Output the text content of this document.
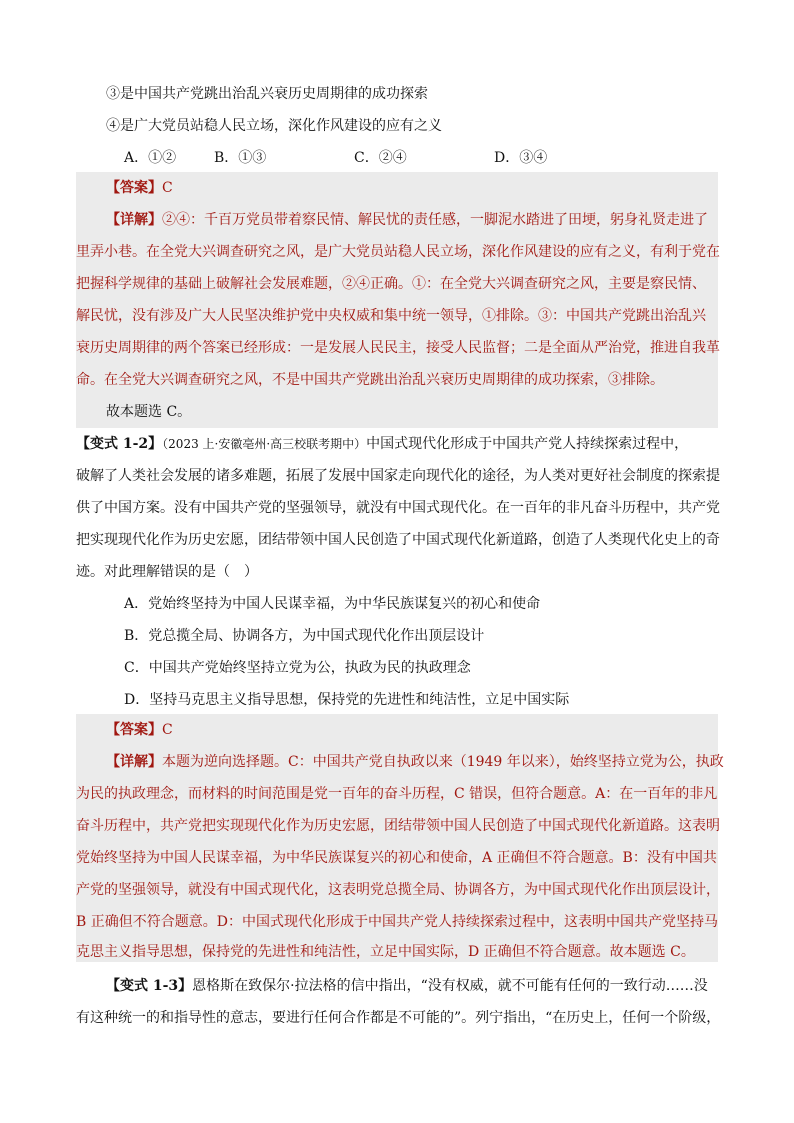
③是中国共产党跳出治乱兴衰历史周期律的成功探索
④是广大党员站稳人民立场，深化作风建设的应有之义
A．①②	B．①③	C．②④	D．③④
【答案】C
【详解】②④：千百万党员带着察民情、解民忧的责任感，一脚泥水踏进了田埂，躬身礼贤走进了
里弄小巷。在全党大兴调查研究之风，是广大党员站稳人民立场，深化作风建设的应有之义，有利于党在
把握科学规律的基础上破解社会发展难题，②④正确。①：在全党大兴调查研究之风，主要是察民情、
解民忧，没有涉及广大人民坚决维护党中央权威和集中统一领导，①排除。③：中国共产党跳出治乱兴
衰历史周期律的两个答案已经形成：一是发展人民民主，接受人民监督；二是全面从严治党，推进自我革
命。在全党大兴调查研究之风，不是中国共产党跳出治乱兴衰历史周期律的成功探索，③排除。
故本题选 C。
【变式 1-2】（2023 上·安徽亳州·高三校联考期中）中国式现代化形成于中国共产党人持续探索过程中，
破解了人类社会发展的诸多难题，拓展了发展中国家走向现代化的途径，为人类对更好社会制度的探索提
供了中国方案。没有中国共产党的坚强领导，就没有中国式现代化。在一百年的非凡奋斗历程中，共产党
把实现现代化作为历史宏愿，团结带领中国人民创造了中国式现代化新道路，创造了人类现代化史上的奇
迹。对此理解错误的是（　）
A．党始终坚持为中国人民谋幸福，为中华民族谋复兴的初心和使命
B．党总揽全局、协调各方，为中国式现代化作出顶层设计
C．中国共产党始终坚持立党为公，执政为民的执政理念
D．坚持马克思主义指导思想，保持党的先进性和纯洁性，立足中国实际
【答案】C
【详解】本题为逆向选择题。C：中国共产党自执政以来（1949 年以来），始终坚持立党为公，执政
为民的执政理念，而材料的时间范围是党一百年的奋斗历程，C 错误，但符合题意。A：在一百年的非凡
奋斗历程中，共产党把实现现代化作为历史宏愿，团结带领中国人民创造了中国式现代化新道路。这表明
党始终坚持为中国人民谋幸福，为中华民族谋复兴的初心和使命，A 正确但不符合题意。B：没有中国共
产党的坚强领导，就没有中国式现代化，这表明党总揽全局、协调各方，为中国式现代化作出顶层设计，
B 正确但不符合题意。D：中国式现代化形成于中国共产党人持续探索过程中，这表明中国共产党坚持马
克思主义指导思想，保持党的先进性和纯洁性，立足中国实际，D 正确但不符合题意。故本题选 C。
【变式 1-3】恩格斯在致保尔·拉法格的信中指出，“没有权威，就不可能有任何的一致行动……没
有这种统一的和指导性的意志，要进行任何合作都是不可能的”。列宁指出，“在历史上，任何一个阶级，
